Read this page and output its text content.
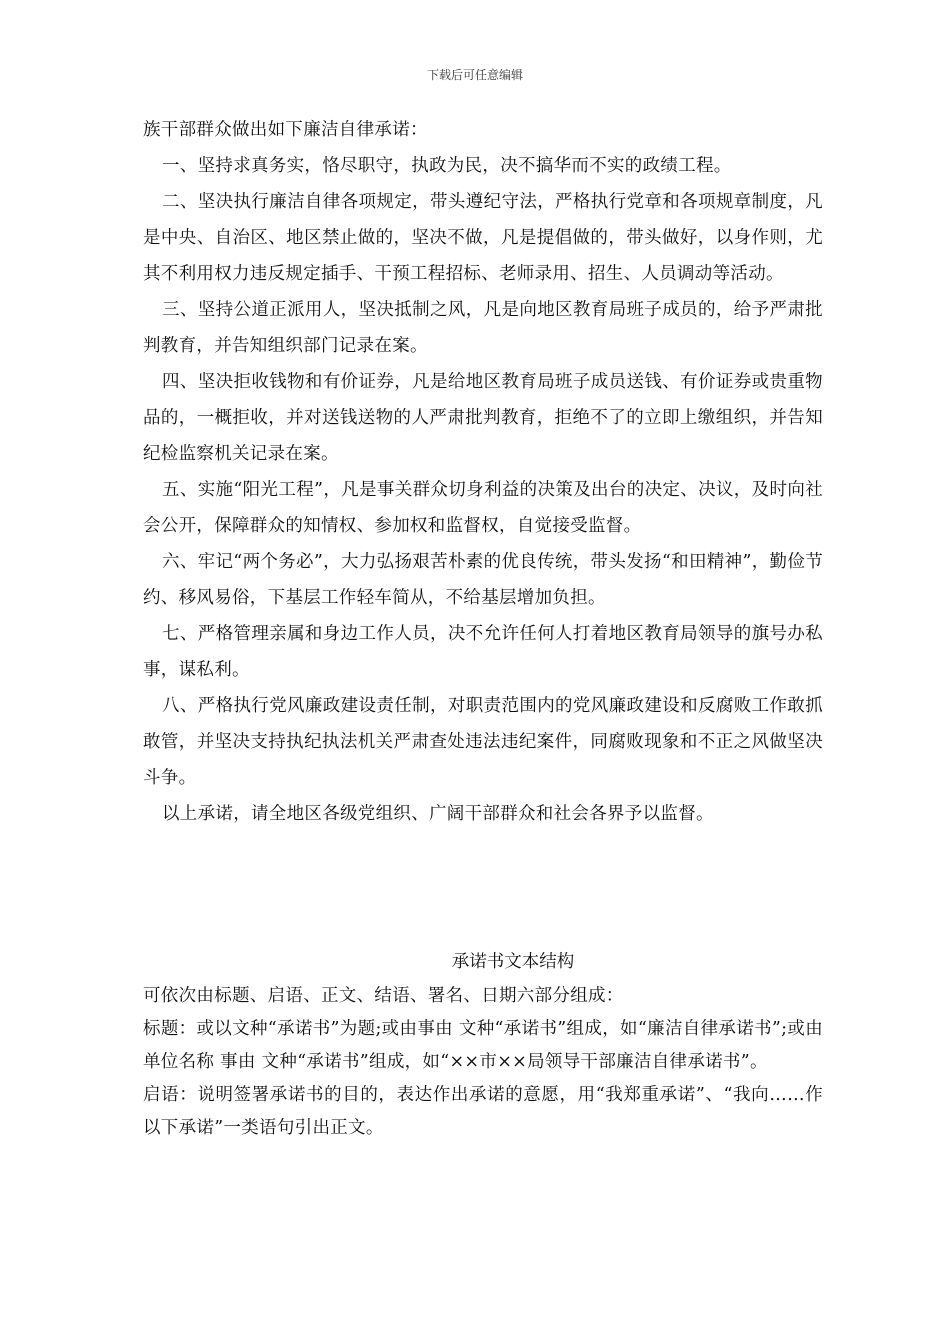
下载后可任意编辑

族干部群众做出如下廉洁自律承诺：

一、坚持求真务实，恪尽职守，执政为民，决不搞华而不实的政绩工程。

二、坚决执行廉洁自律各项规定，带头遵纪守法，严格执行党章和各项规章制度，凡是中央、自治区、地区禁止做的，坚决不做，凡是提倡做的，带头做好，以身作则，尤其不利用权力违反规定插手、干预工程招标、老师录用、招生、人员调动等活动。

三、坚持公道正派用人，坚决抵制之风，凡是向地区教育局班子成员的，给予严肃批判教育，并告知组织部门记录在案。

四、坚决拒收钱物和有价证券，凡是给地区教育局班子成员送钱、有价证券或贵重物品的，一概拒收，并对送钱送物的人严肃批判教育，拒绝不了的立即上缴组织，并告知纪检监察机关记录在案。

五、实施“阳光工程”，凡是事关群众切身利益的决策及出台的决定、决议，及时向社会公开，保障群众的知情权、参加权和监督权，自觉接受监督。

六、牢记“两个务必”，大力弘扬艰苦朴素的优良传统，带头发扬“和田精神”，勤俭节约、移风易俗，下基层工作轻车简从，不给基层增加负担。

七、严格管理亲属和身边工作人员，决不允许任何人打着地区教育局领导的旗号办私事，谋私利。

八、严格执行党风廉政建设责任制，对职责范围内的党风廉政建设和反腐败工作敢抓敢管，并坚决支持执纪执法机关严肃查处违法违纪案件，同腐败现象和不正之风做坚决斗争。

以上承诺，请全地区各级党组织、广阔干部群众和社会各界予以监督。

承诺书文本结构

可依次由标题、启语、正文、结语、署名、日期六部分组成：

标题：或以文种“承诺书”为题;或由事由 文种“承诺书”组成，如“廉洁自律承诺书”;或由单位名称 事由 文种“承诺书”组成，如“××市××局领导干部廉洁自律承诺书”。

启语：说明签署承诺书的目的，表达作出承诺的意愿，用“我郑重承诺”、“我向……作以下承诺”一类语句引出正文。
